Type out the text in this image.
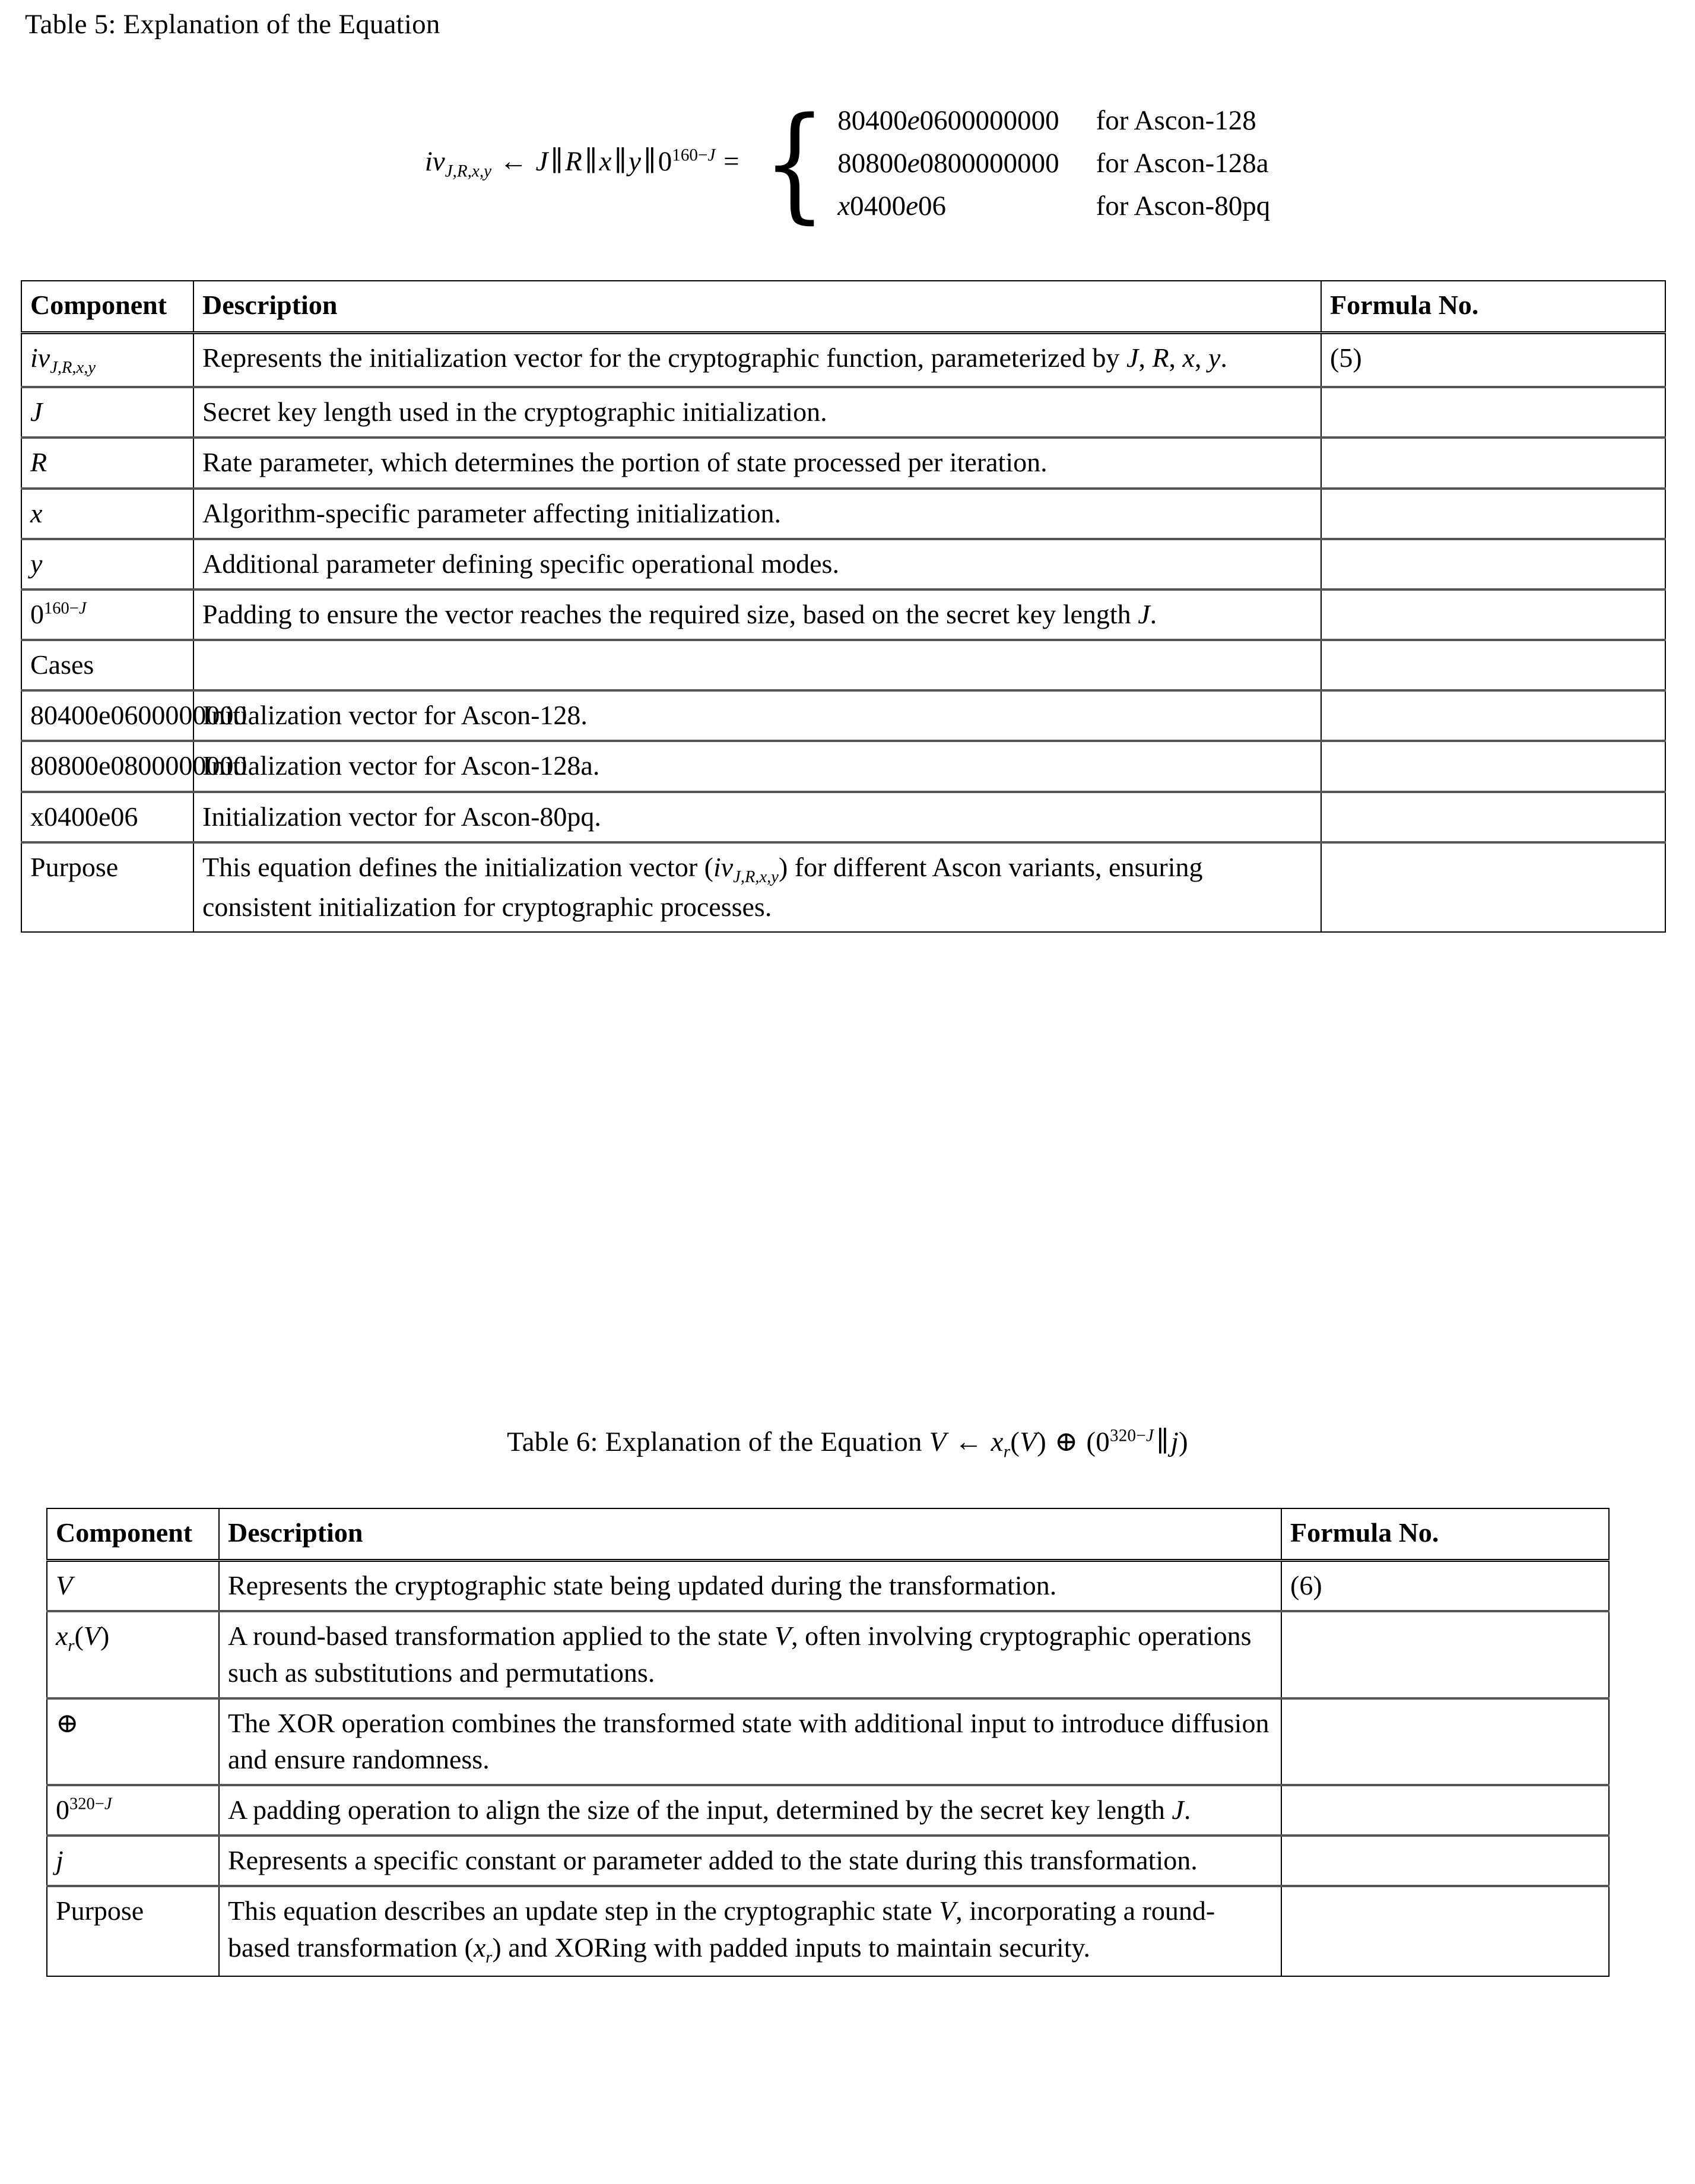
Table 5: Explanation of the Equation
$iv_{J,R,x,y}$ ← $J\parallel R\parallel x\parallel y\parallel 0^{160-J}$ = { 80400e0600000000	for Ascon-128
80800e0800000000	for Ascon-128a
x0400e06	for Ascon-80pq
Component	Description	Formula No.
$iv_{J,R,x,y}$	Represents the initialization vector for the cryptographic function, parameterized by J, R, x, y.	(5)
J	Secret key length used in the cryptographic initialization.	
R	Rate parameter, which determines the portion of state processed per iteration.	
x	Algorithm-specific parameter affecting initialization.	
y	Additional parameter defining specific operational modes.	
$0^{160-J}$	Padding to ensure the vector reaches the required size, based on the secret key length J.	
Cases		
80400e0600000000	Initialization vector for Ascon-128.	
80800e0800000000	Initialization vector for Ascon-128a.	
x0400e06	Initialization vector for Ascon-80pq.	
Purpose	This equation defines the initialization vector $(iv_{J,R,x,y})$ for different Ascon variants, ensuring consistent initialization for cryptographic processes.	
Table 6: Explanation of the Equation V ← $x_r(V)$ ⊕ $(0^{320-J}\parallel j)$
Component	Description	Formula No.
V	Represents the cryptographic state being updated during the transformation.	(6)
$x_r(V)$	A round-based transformation applied to the state V, often involving cryptographic operations such as substitutions and permutations.	
⊕	The XOR operation combines the transformed state with additional input to introduce diffusion and ensure randomness.	
$0^{320-J}$	A padding operation to align the size of the input, determined by the secret key length J.	
j	Represents a specific constant or parameter added to the state during this transformation.	
Purpose	This equation describes an update step in the cryptographic state V, incorporating a round-based transformation $(x_r)$ and XORing with padded inputs to maintain security.	
